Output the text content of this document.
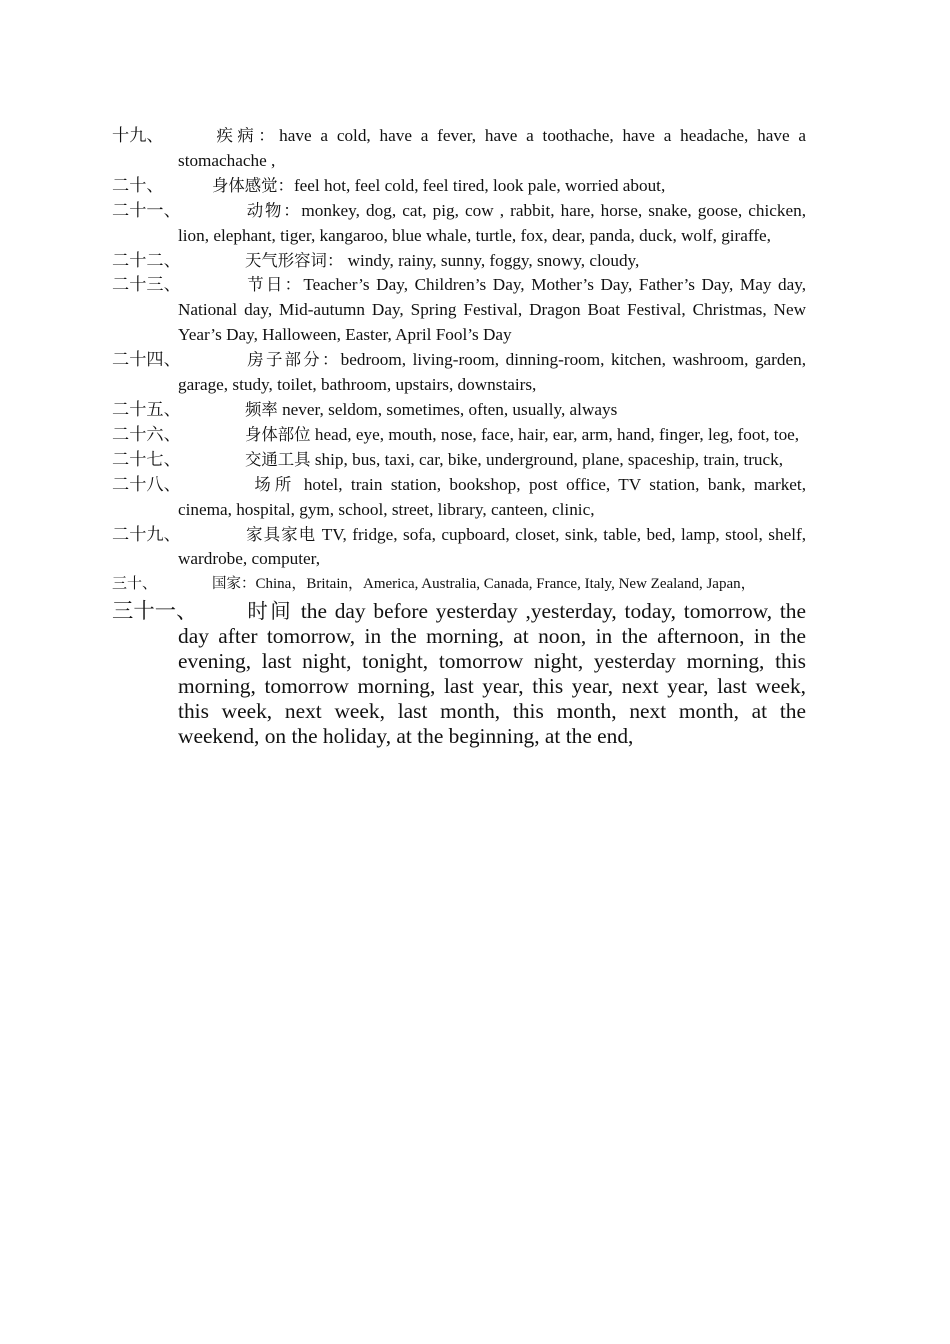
十九、	疾病：have a cold, have a fever, have a toothache, have a headache, have a stomachache ,
二十、	身体感觉：feel hot, feel cold, feel tired, look pale, worried about,
二十一、	动物：monkey, dog, cat, pig, cow , rabbit, hare, horse, snake, goose, chicken, lion, elephant, tiger, kangaroo, blue whale, turtle, fox, dear, panda, duck, wolf, giraffe,
二十二、	天气形容词： windy, rainy, sunny, foggy, snowy, cloudy,
二十三、	节日：Teacher’s Day, Children’s Day, Mother’s Day, Father’s Day, May day, National day, Mid-autumn Day, Spring Festival, Dragon Boat Festival, Christmas, New Year’s Day, Halloween, Easter, April Fool’s Day
二十四、	房子部分：bedroom, living-room, dinning-room, kitchen, washroom, garden, garage, study, toilet, bathroom, upstairs, downstairs,
二十五、	频率 never, seldom, sometimes, often, usually, always
二十六、	身体部位 head, eye, mouth, nose, face, hair, ear, arm, hand, finger, leg, foot, toe,
二十七、	交通工具 ship, bus, taxi, car, bike, underground, plane, spaceship, train, truck,
二十八、	场所 hotel, train station, bookshop, post office, TV station, bank, market, cinema, hospital, gym, school, street, library, canteen, clinic,
二十九、	家具家电 TV, fridge, sofa, cupboard, closet, sink, table, bed, lamp, stool, shelf, wardrobe, computer,
三十、	国家：China，Britain，America, Australia, Canada, France, Italy, New Zealand, Japan，
三十一、 时间 the day before yesterday ,yesterday, today, tomorrow, the day after tomorrow, in the morning, at noon, in the afternoon, in the evening, last night, tonight, tomorrow night, yesterday morning, this morning, tomorrow morning, last year, this year, next year, last week, this week, next week, last month, this month, next month, at the weekend, on the holiday, at the beginning, at the end,
